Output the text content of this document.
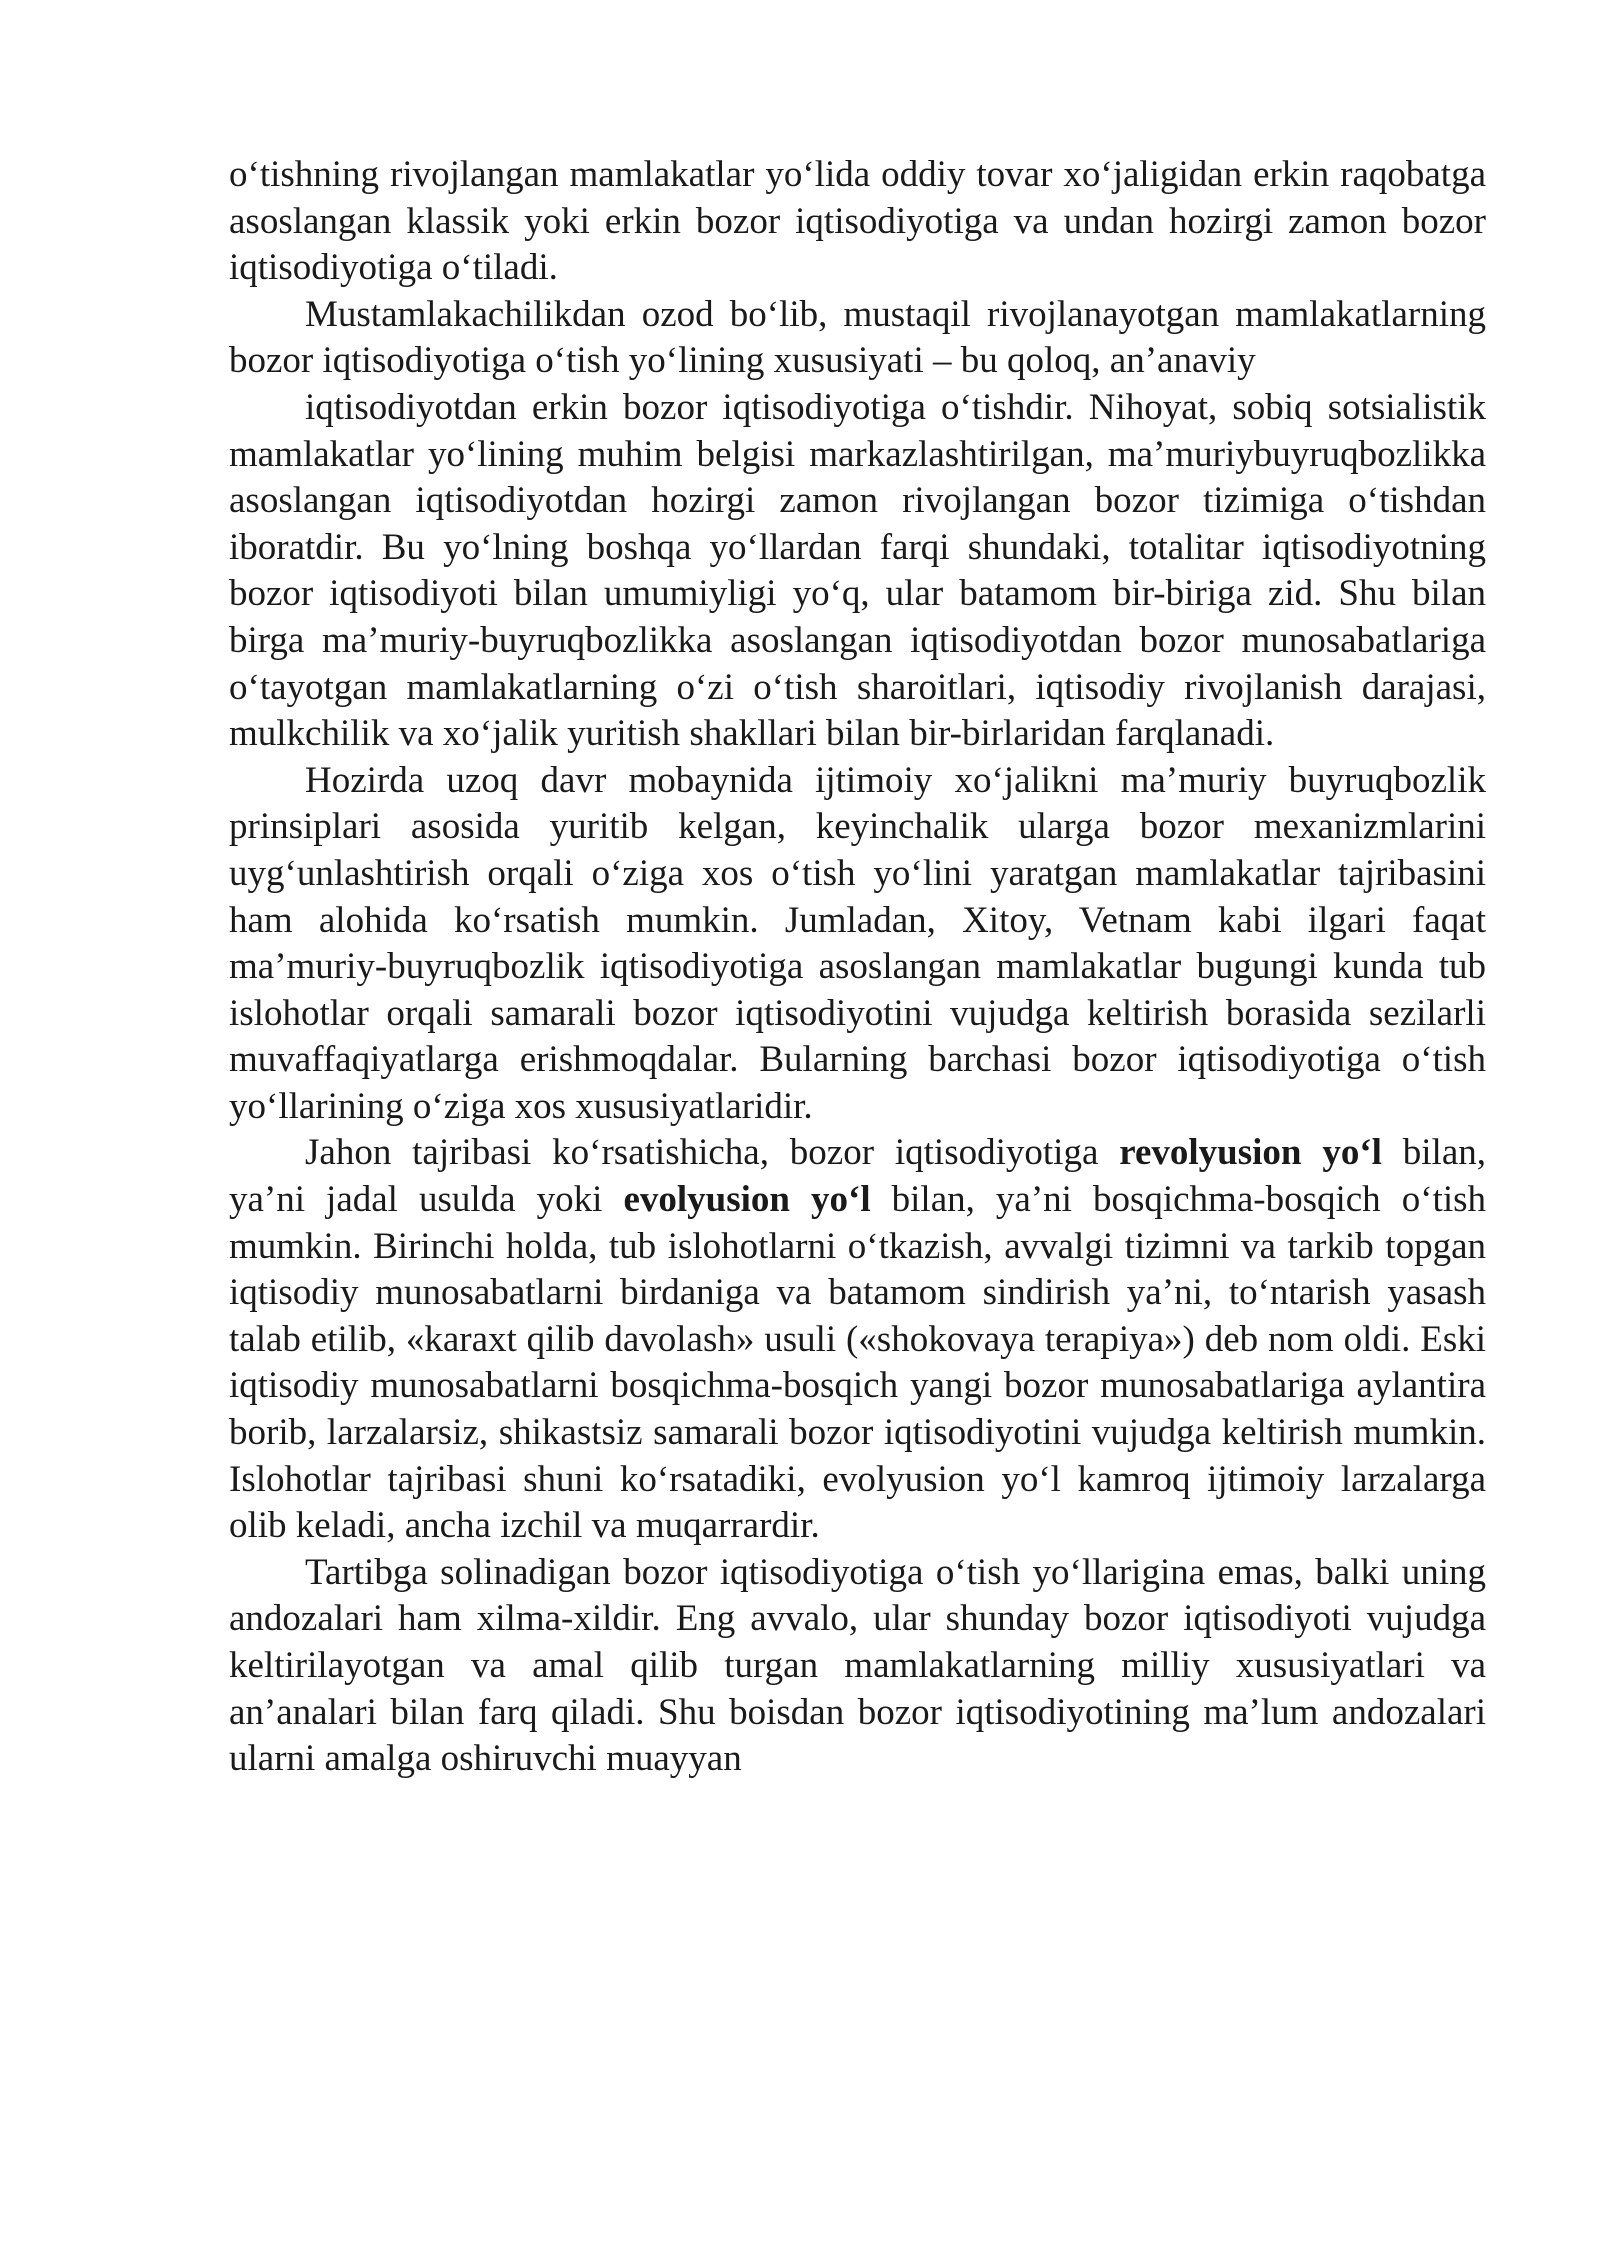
o‘tishning rivojlangan mamlakatlar yo‘lida oddiy tovar xo‘jaligidan erkin raqobatga asoslangan klassik yoki erkin bozor iqtisodiyotiga va undan hozirgi zamon bozor iqtisodiyotiga o‘tiladi.

Mustamlakachilikdan ozod bo‘lib, mustaqil rivojlanayotgan mamlakatlarning bozor iqtisodiyotiga o‘tish yo‘lining xususiyati – bu qoloq, an’anaviy

iqtisodiyotdan erkin bozor iqtisodiyotiga o‘tishdir. Nihoyat, sobiq sotsialistik mamlakatlar yo‘lining muhim belgisi markazlashtirilgan, ma’muriybuyruqbozlikka asoslangan iqtisodiyotdan hozirgi zamon rivojlangan bozor tizimiga o‘tishdan iboratdir. Bu yo‘lning boshqa yo‘llardan farqi shundaki, totalitar iqtisodiyotning bozor iqtisodiyoti bilan umumiyligi yo‘q, ular batamom bir-biriga zid. Shu bilan birga ma’muriy-buyruqbozlikka asoslangan iqtisodiyotdan bozor munosabatlariga o‘tayotgan mamlakatlarning o‘zi o‘tish sharoitlari, iqtisodiy rivojlanish darajasi, mulkchilik va xo‘jalik yuritish shakllari bilan bir-birlaridan farqlanadi.

Hozirda uzoq davr mobaynida ijtimoiy xo‘jalikni ma’muriy buyruqbozlik prinsiplari asosida yuritib kelgan, keyinchalik ularga bozor mexanizmlarini uyg‘unlashtirish orqali o‘ziga xos o‘tish yo‘lini yaratgan mamlakatlar tajribasini ham alohida ko‘rsatish mumkin. Jumladan, Xitoy, Vetnam kabi ilgari faqat ma’muriy-buyruqbozlik iqtisodiyotiga asoslangan mamlakatlar bugungi kunda tub islohotlar orqali samarali bozor iqtisodiyotini vujudga keltirish borasida sezilarli muvaffaqiyatlarga erishmoqdalar. Bularning barchasi bozor iqtisodiyotiga o‘tish yo‘llarining o‘ziga xos xususiyatlaridir.

Jahon tajribasi ko‘rsatishicha, bozor iqtisodiyotiga revolyusion yo‘l bilan, ya’ni jadal usulda yoki evolyusion yo‘l bilan, ya’ni bosqichma-bosqich o‘tish mumkin. Birinchi holda, tub islohotlarni o‘tkazish, avvalgi tizimni va tarkib topgan iqtisodiy munosabatlarni birdaniga va batamom sindirish ya’ni, to‘ntarish yasash talab etilib, «karaxt qilib davolash» usuli («shokovaya terapiya») deb nom oldi. Eski iqtisodiy munosabatlarni bosqichma-bosqich yangi bozor munosabatlariga aylantira borib, larzalarsiz, shikastsiz samarali bozor iqtisodiyotini vujudga keltirish mumkin. Islohotlar tajribasi shuni ko‘rsatadiki, evolyusion yo‘l kamroq ijtimoiy larzalarga olib keladi, ancha izchil va muqarrardir.

Tartibga solinadigan bozor iqtisodiyotiga o‘tish yo‘llarigina emas, balki uning andozalari ham xilma-xildir. Eng avvalo, ular shunday bozor iqtisodiyoti vujudga keltirilayotgan va amal qilib turgan mamlakatlarning milliy xususiyatlari va an’analari bilan farq qiladi. Shu boisdan bozor iqtisodiyotining ma’lum andozalari ularni amalga oshiruvchi muayyan
